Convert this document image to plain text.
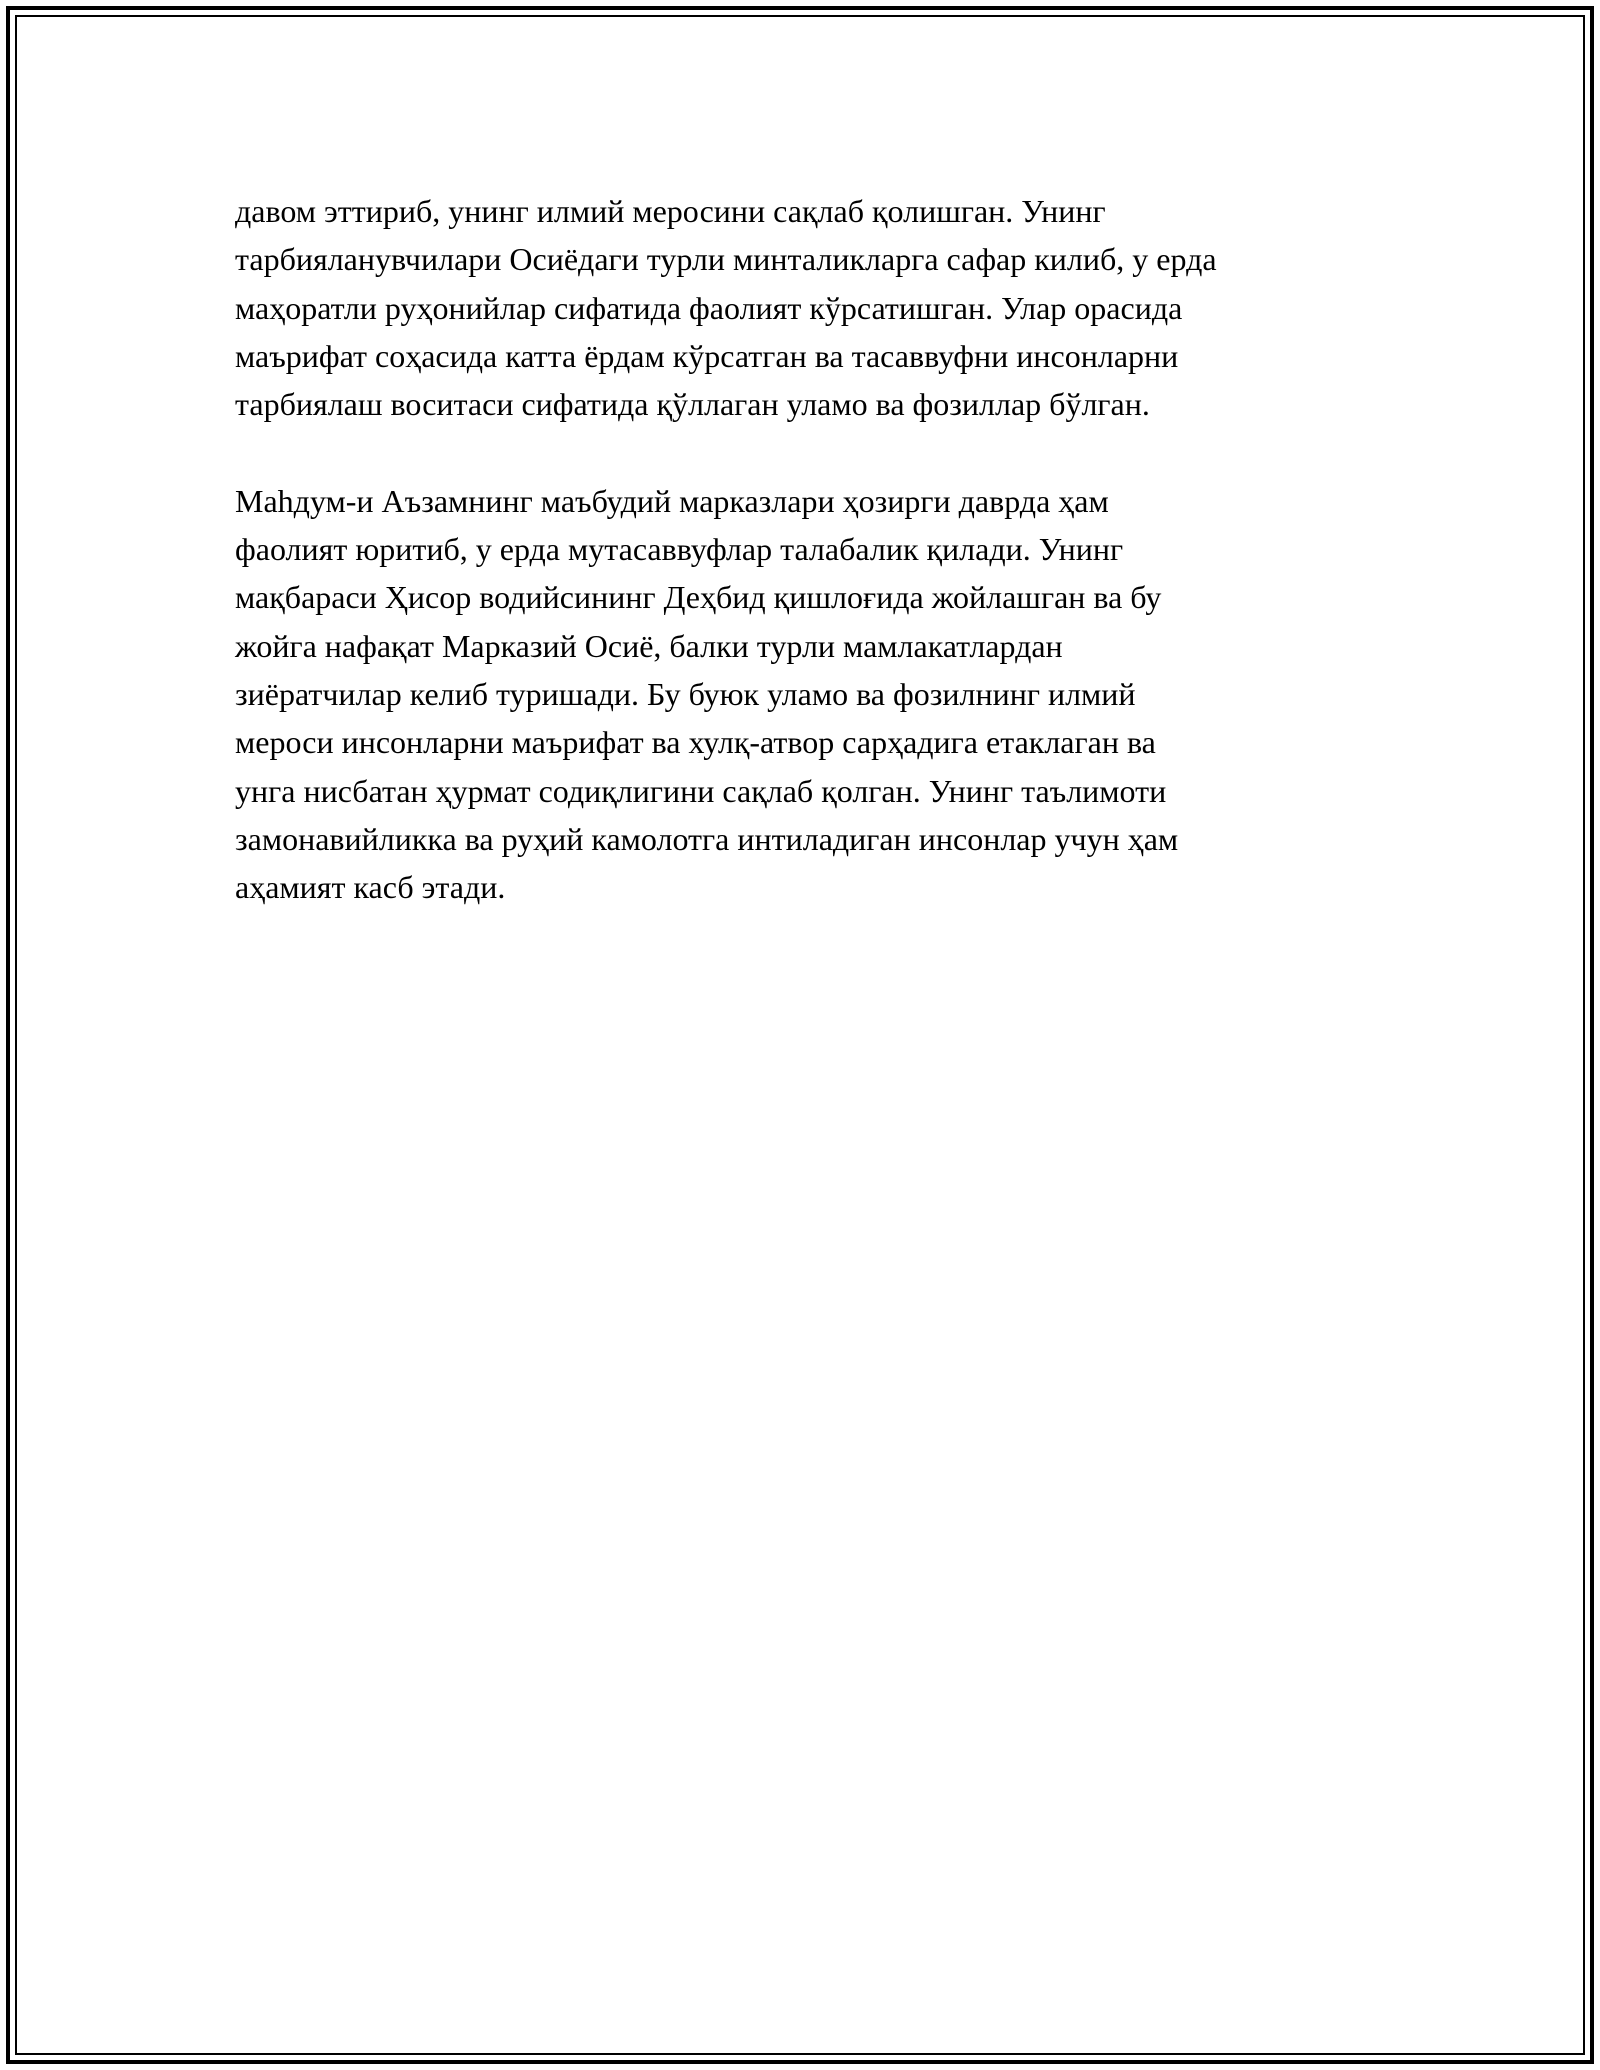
давом эттириб, унинг илмий меросини сақлаб қолишган. Унинг
тарбияланувчилари Осиёдаги турли минталикларга сафар килиб, у ерда
маҳоратли руҳонийлар сифатида фаолият кўрсатишган. Улар орасида
маърифат соҳасида катта ёрдам кўрсатган ва тасаввуфни инсонларни
тарбиялаш воситаси сифатида қўллаган уламо ва фозиллар бўлган.

Маһдум-и Аъзамнинг маъбудий марказлари ҳозирги даврда ҳам
фаолият юритиб, у ерда мутасаввуфлар талабалик қилади. Унинг
мақбараси Ҳисор водийсининг Деҳбид қишлоғида жойлашган ва бу
жойга нафақат Марказий Осиё, балки турли мамлакатлардан
зиёратчилар келиб туришади. Бу буюк уламо ва фозилнинг илмий
мероси инсонларни маърифат ва хулқ-атвор сарҳадига етаклаган ва
унга нисбатан ҳурмат содиқлигини сақлаб қолган. Унинг таълимоти
замонавийликка ва руҳий камолотга интиладиган инсонлар учун ҳам
аҳамият касб этади.
